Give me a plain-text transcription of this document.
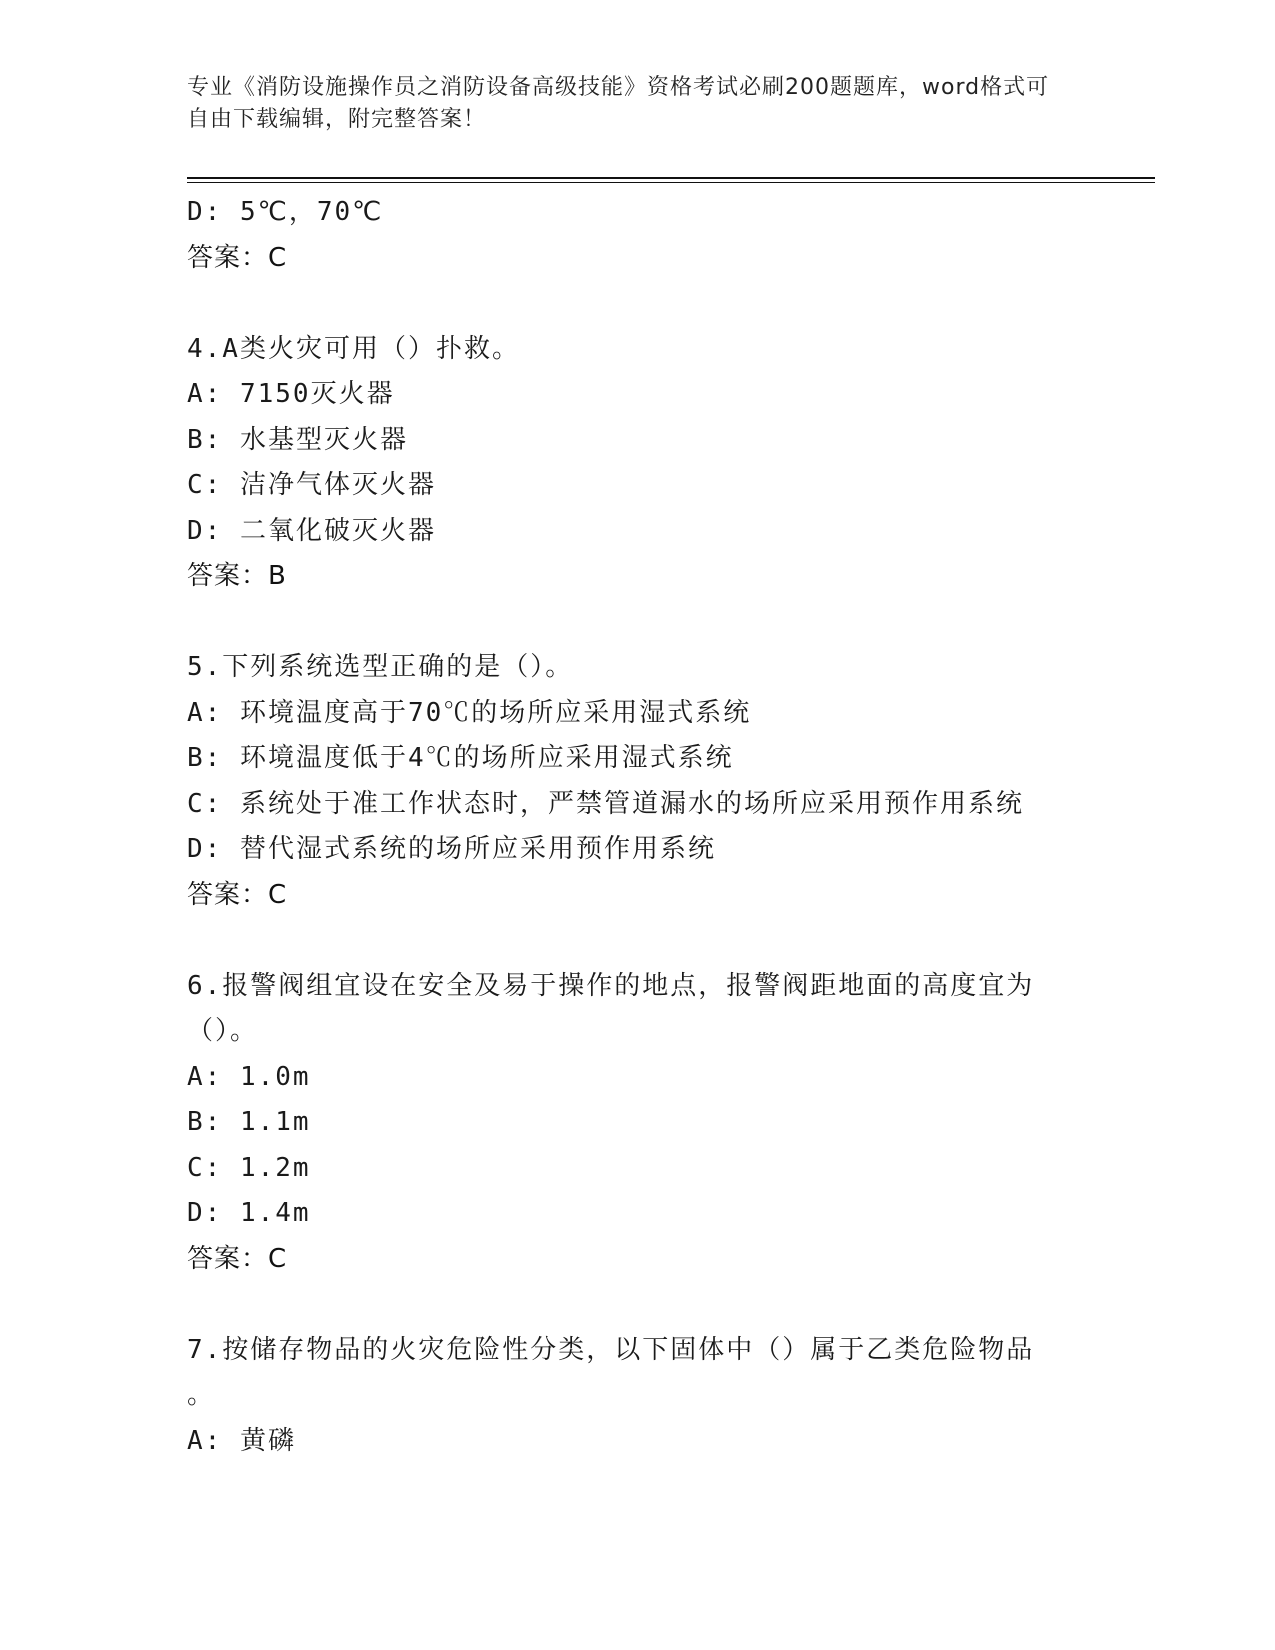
专业《消防设施操作员之消防设备高级技能》资格考试必刷200题题库，word格式可自由下载编辑，附完整答案！
D: 5℃，70℃
答案：C
4.A类火灾可用（）扑救。
A: 7150灭火器
B: 水基型灭火器
C: 洁净气体灭火器
D: 二氧化破灭火器
答案：B
5.下列系统选型正确的是（）。
A: 环境温度高于70℃的场所应采用湿式系统
B: 环境温度低于4℃的场所应采用湿式系统
C: 系统处于准工作状态时，严禁管道漏水的场所应采用预作用系统
D: 替代湿式系统的场所应采用预作用系统
答案：C
6.报警阀组宜设在安全及易于操作的地点，报警阀距地面的高度宜为
（）。
A: 1.0m
B: 1.1m
C: 1.2m
D: 1.4m
答案：C
7.按储存物品的火灾危险性分类，以下固体中（）属于乙类危险物品
。
A: 黄磷
